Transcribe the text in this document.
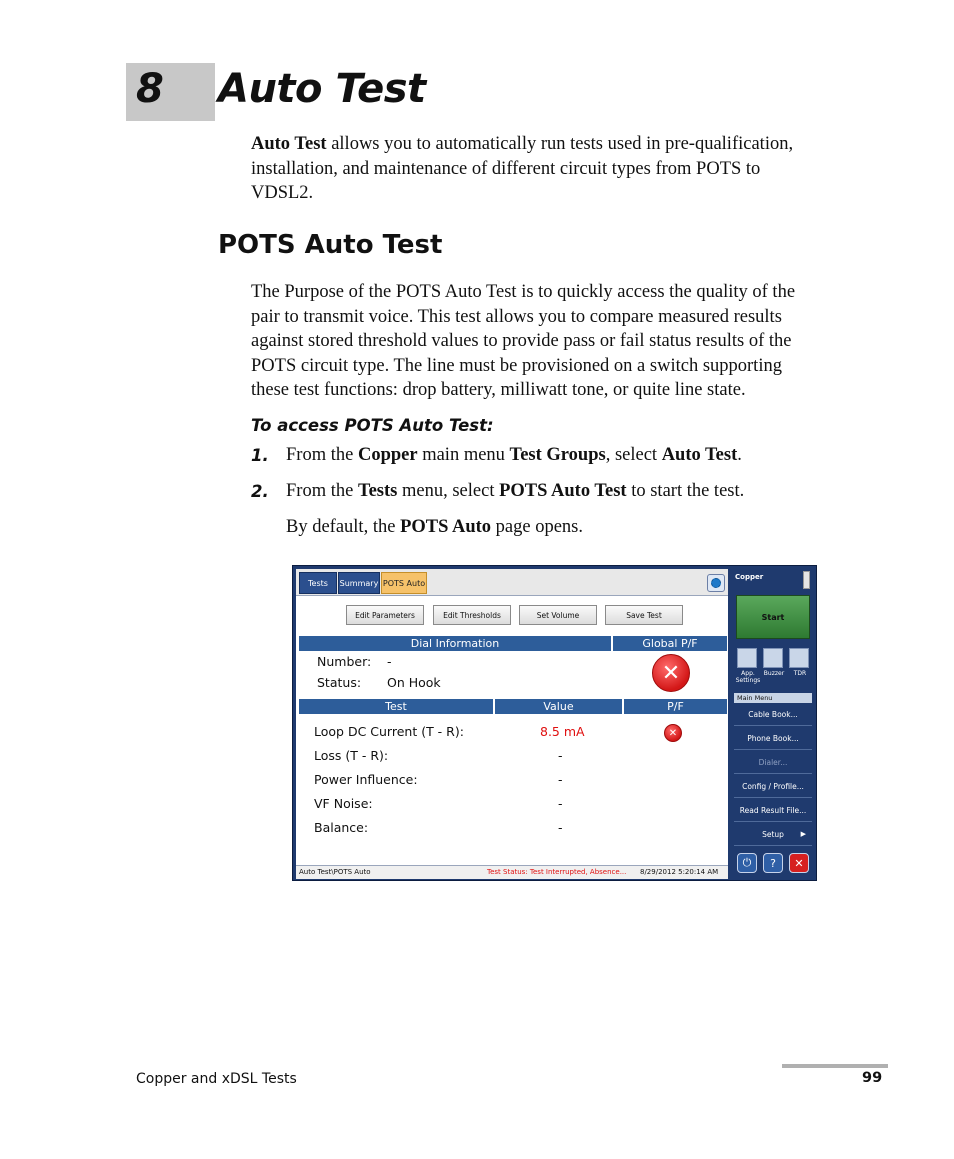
8 Auto Test
Auto Test allows you to automatically run tests used in pre-qualification,
installation, and maintenance of different circuit types from POTS to
VDSL2.
POTS Auto Test
The Purpose of the POTS Auto Test is to quickly access the quality of the
pair to transmit voice. This test allows you to compare measured results
against stored threshold values to provide pass or fail status results of the
POTS circuit type. The line must be provisioned on a switch supporting
these test functions: drop battery, milliwatt tone, or quite line state.
To access POTS Auto Test:
1. From the Copper main menu Test Groups, select Auto Test.
2. From the Tests menu, select POTS Auto Test to start the test.
By default, the POTS Auto page opens.
Tests	Summary POTS Auto
Edit Parameters	Edit Thresholds	Set Volume	Save Test
Dial Information	Global P/F
Number: -
Status: On Hook	✕
Test	Value	P/F
Loop DC Current (T - R):	8.5 mA	✕
Loss (T - R):	-
Power Influence:	-
VF Noise:	-
Balance:	-
Auto Test\POTS Auto	Test Status: Test Interrupted, Absence... 8/29/2012 5:20:14 AM
Copper
Start
App. Settings
Buzzer	TDR
Main Menu
Cable Book...
Phone Book...
Dialer...
Config / Profile...
Read Result File...
Setup ▶
⏻	?	✕
Copper and xDSL Tests	99
